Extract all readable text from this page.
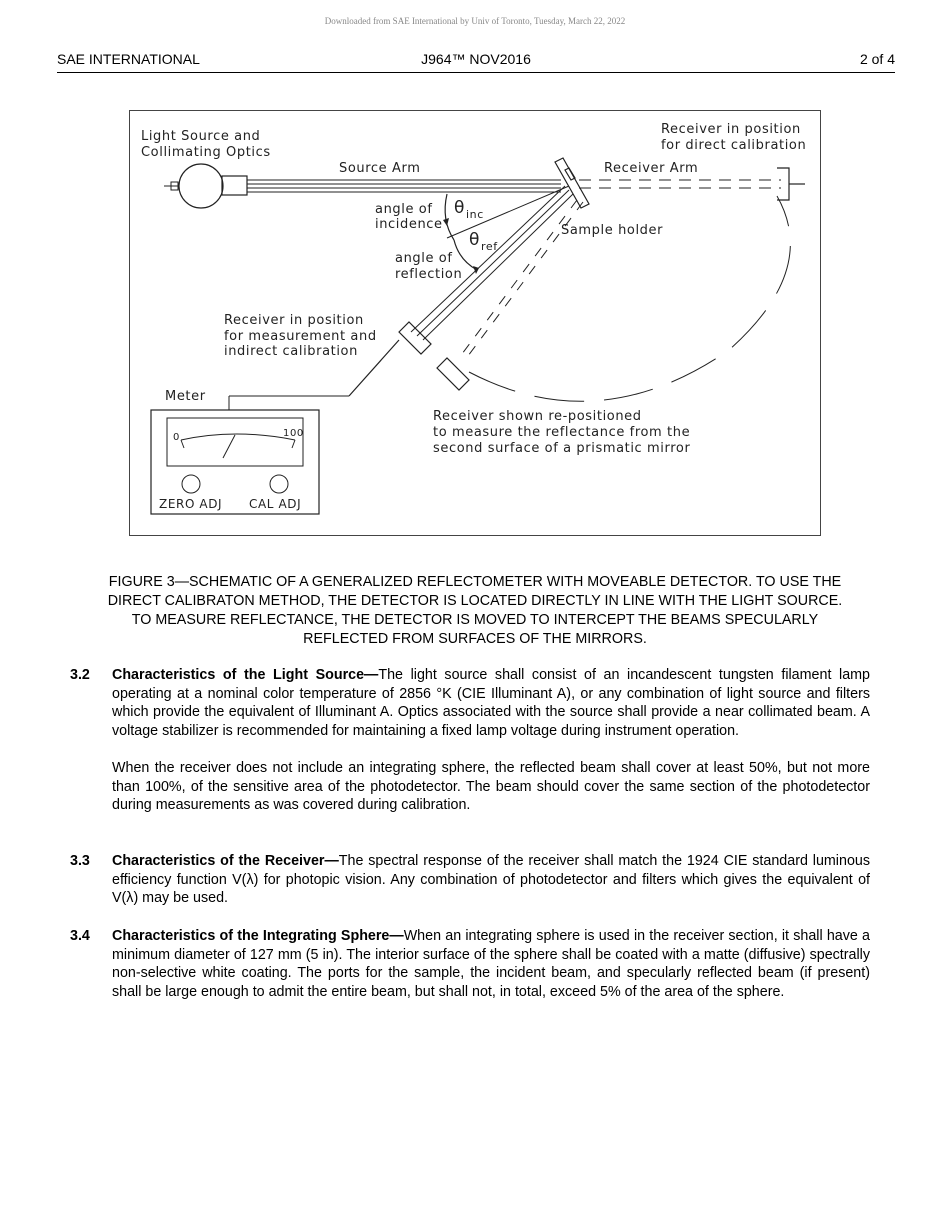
Downloaded from SAE International by Univ of Toronto, Tuesday, March 22, 2022
SAE INTERNATIONAL	J964™ NOV2016	2 of 4
Light Source and
Collimating Optics
Source Arm	Receiver Arm
Receiver in position
for direct calibration
angle of
incidence
θ inc
θ ref
Sample holder
angle of
reflection
Receiver in position
for measurement and
indirect calibration
Meter
0	100
ZERO ADJ CAL ADJ
Receiver shown re-positioned
to measure the reflectance from the
second surface of a prismatic mirror
FIGURE 3—SCHEMATIC OF A GENERALIZED REFLECTOMETER WITH MOVEABLE DETECTOR. TO USE THE
DIRECT CALIBRATON METHOD, THE DETECTOR IS LOCATED DIRECTLY IN LINE WITH THE LIGHT SOURCE.
TO MEASURE REFLECTANCE, THE DETECTOR IS MOVED TO INTERCEPT THE BEAMS SPECULARLY
REFLECTED FROM SURFACES OF THE MIRRORS.
3.2 Characteristics of the Light Source—The light source shall consist of an incandescent tungsten filament lamp operating at a nominal color temperature of 2856 °K (CIE Illuminant A), or any combination of light source and filters which provide the equivalent of Illuminant A. Optics associated with the source shall provide a near collimated beam. A voltage stabilizer is recommended for maintaining a fixed lamp voltage during instrument operation.

When the receiver does not include an integrating sphere, the reflected beam shall cover at least 50%, but not more than 100%, of the sensitive area of the photodetector. The beam should cover the same section of the photodetector during measurements as was covered during calibration.

3.3 Characteristics of the Receiver—The spectral response of the receiver shall match the 1924 CIE standard luminous efficiency function V(λ) for photopic vision. Any combination of photodetector and filters which gives the equivalent of V(λ) may be used.

3.4 Characteristics of the Integrating Sphere—When an integrating sphere is used in the receiver section, it shall have a minimum diameter of 127 mm (5 in). The interior surface of the sphere shall be coated with a matte (diffusive) spectrally non-selective white coating. The ports for the sample, the incident beam, and specularly reflected beam (if present) shall be large enough to admit the entire beam, but shall not, in total, exceed 5% of the area of the sphere.
